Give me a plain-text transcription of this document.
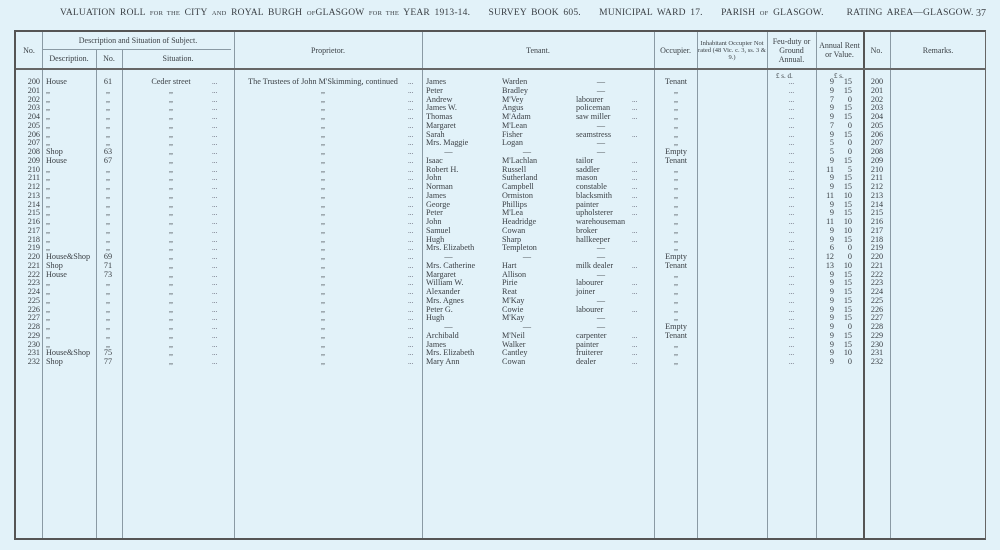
VALUATION ROLL FOR THE CITY AND ROYAL BURGH OFGLASGOW FOR THE YEAR 1913-14. SURVEY BOOK 605. MUNICIPAL WARD 17. PARISH OF GLASGOW. RATING AREA—GLASGOW. 37
No.
Description and Situation of Subject.
Description.	No.	Situation.
Proprietor.	Tenant.	Occupier.
Inhabitant Occupier Not rated (48 Vic. c. 3, ss. 3 & 9.)
Feu-duty or Ground Annual.
Annual Rent or Value.	No.	Remarks.
£ s. d.	£ s.
200 House	61	Ceder street	...	The Trustees of John M'Skimming, continued	...	James	Warden	—	Tenant	...	9	15	200
201 ,,	,,	,,	...	,,	...	Peter	Bradley	—	,,	...	9	15	201
202 ,,	,,	,,	...	,,	...	Andrew	M'Vey	labourer	...	,,	...	7	0	202
203 ,,	,,	,,	...	,,	...	James W.	Angus	policeman	...	,,	...	9	15	203
204 ,,	,,	,,	...	,,	...	Thomas	M'Adam	saw miller	...	,,	...	9	15	204
205 ,,	,,	,,	...	,,	...	Margaret	M'Lean	—	,,	...	7	0	205
206 ,,	,,	,,	...	,,	...	Sarah	Fisher	seamstress	...	,,	...	9	15	206
207 ,,	,,	,,	...	,,	...	Mrs. Maggie	Logan	—	,,	...	5	0	207
208 Shop	63	,,	...	,,	...	—	—	—	Empty	...	5	0	208
209 House	67	,,	...	,,	...	Isaac	M'Lachlan	tailor	...	Tenant	...	9	15	209
210 ,,	,,	,,	...	,,	...	Robert H.	Russell	saddler	...	,,	...	11	5	210
211 ,,	,,	,,	...	,,	...	John	Sutherland	mason	...	,,	...	9	15	211
212 ,,	,,	,,	...	,,	...	Norman	Campbell	constable	...	,,	...	9	15	212
213 ,,	,,	,,	...	,,	...	James	Ormiston	blacksmith	...	,,	...	11	10	213
214 ,,	,,	,,	...	,,	...	George	Phillips	painter	...	,,	...	9	15	214
215 ,,	,,	,,	...	,,	...	Peter	M'Lea	upholsterer	...	,,	...	9	15	215
216 ,,	,,	,,	...	,,	...	John	Headridge	warehouseman	,,	...	11	10	216
217 ,,	,,	,,	...	,,	...	Samuel	Cowan	broker	...	,,	...	9	10	217
218 ,,	,,	,,	...	,,	...	Hugh	Sharp	hallkeeper	...	,,	...	9	15	218
219 ,,	,,	,,	...	,,	...	Mrs. Elizabeth	Templeton	—	,,	...	6	0	219
220 House&Shop	69	,,	...	,,	...	—	—	—	Empty	...	12	0	220
221 Shop	71	,,	...	,,	...	Mrs. Catherine	Hart	milk dealer	...	Tenant	...	13	10	221
222 House	73	,,	...	,,	...	Margaret	Allison	—	,,	...	9	15	222
223 ,,	,,	,,	...	,,	...	William W.	Pirie	labourer	...	,,	...	9	15	223
224 ,,	,,	,,	...	,,	...	Alexander	Reat	joiner	...	,,	...	9	15	224
225 ,,	,,	,,	...	,,	...	Mrs. Agnes	M'Kay	—	,,	...	9	15	225
226 ,,	,,	,,	...	,,	...	Peter G.	Cowie	labourer	...	,,	...	9	15	226
227 ,,	,,	,,	...	,,	...	Hugh	M'Kay	—	,,	...	9	15	227
228 ,,	,,	,,	...	,,	...	—	—	—	Empty	...	9	0	228
229 ,,	,,	,,	...	,,	...	Archibald	M'Neil	carpenter	...	Tenant	...	9	15	229
230 ,,	,,	,,	...	,,	...	James	Walker	painter	...	,,	...	9	15	230
231 House&Shop	75	,,	...	,,	...	Mrs. Elizabeth	Cantley	fruiterer	...	,,	...	9	10	231
232 Shop	77	,,	...	,,	...	Mary Ann	Cowan	dealer	...	,,	...	9	0	232
